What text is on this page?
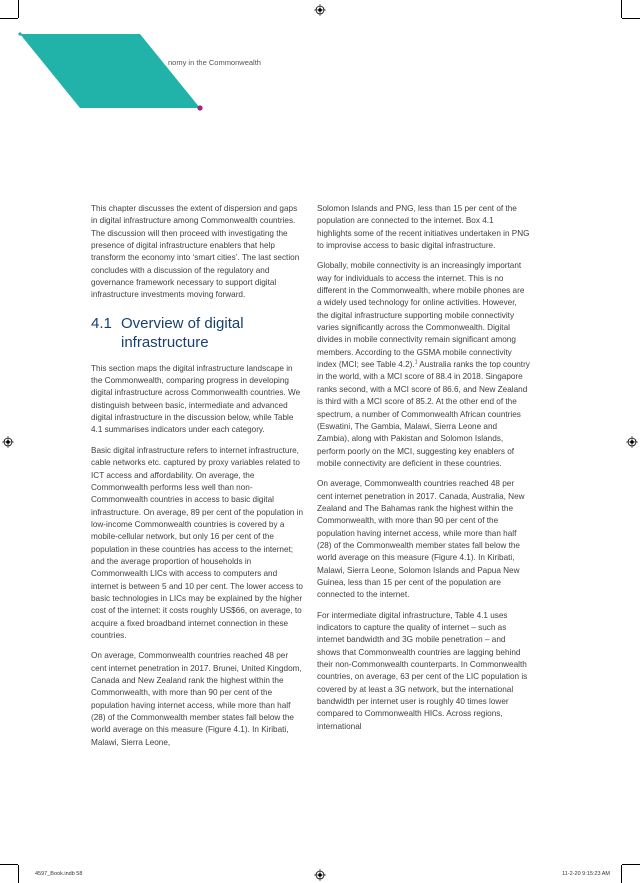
nomy in the Commonwealth

This chapter discusses the extent of dispersion and gaps in digital infrastructure among Commonwealth countries. The discussion will then proceed with investigating the presence of digital infrastructure enablers that help transform the economy into ‘smart cities’. The last section concludes with a discussion of the regulatory and governance framework necessary to support digital infrastructure investments moving forward.

4.1 Overview of digital infrastructure

This section maps the digital infrastructure landscape in the Commonwealth, comparing progress in developing digital infrastructure across Commonwealth countries. We distinguish between basic, intermediate and advanced digital infrastructure in the discussion below, while Table 4.1 summarises indicators under each category.

Basic digital infrastructure refers to internet infrastructure, cable networks etc. captured by proxy variables related to ICT access and affordability. On average, the Commonwealth performs less well than non-Commonwealth countries in access to basic digital infrastructure. On average, 89 per cent of the population in low-income Commonwealth countries is covered by a mobile-cellular network, but only 16 per cent of the population in these countries has access to the internet; and the average proportion of households in Commonwealth LICs with access to computers and internet is between 5 and 10 per cent. The lower access to basic technologies in LICs may be explained by the higher cost of the internet: it costs roughly US$66, on average, to acquire a fixed broadband internet connection in these countries.

On average, Commonwealth countries reached 48 per cent internet penetration in 2017. Brunei, United Kingdom, Canada and New Zealand rank the highest within the Commonwealth, with more than 90 per cent of the population having internet access, while more than half (28) of the Commonwealth member states fall below the world average on this measure (Figure 4.1). In Kiribati, Malawi, Sierra Leone,

Solomon Islands and PNG, less than 15 per cent of the population are connected to the internet. Box 4.1 highlights some of the recent initiatives undertaken in PNG to improvise access to basic digital infrastructure.

Globally, mobile connectivity is an increasingly important way for individuals to access the internet. This is no different in the Commonwealth, where mobile phones are a widely used technology for online activities. However, the digital infrastructure supporting mobile connectivity varies significantly across the Commonwealth. Digital divides in mobile connectivity remain significant among members. According to the GSMA mobile connectivity index (MCI; see Table 4.2).$^1$ Australia ranks the top country in the world, with a MCI score of 88.4 in 2018. Singapore ranks second, with a MCI score of 86.6, and New Zealand is third with a MCI score of 85.2. At the other end of the spectrum, a number of Commonwealth African countries (Eswatini, The Gambia, Malawi, Sierra Leone and Zambia), along with Pakistan and Solomon Islands, perform poorly on the MCI, suggesting key enablers of mobile connectivity are deficient in these countries.

On average, Commonwealth countries reached 48 per cent internet penetration in 2017. Canada, Australia, New Zealand and The Bahamas rank the highest within the Commonwealth, with more than 90 per cent of the population having internet access, while more than half (28) of the Commonwealth member states fall below the world average on this measure (Figure 4.1). In Kiribati, Malawi, Sierra Leone, Solomon Islands and Papua New Guinea, less than 15 per cent of the population are connected to the internet.

For intermediate digital infrastructure, Table 4.1 uses indicators to capture the quality of internet – such as internet bandwidth and 3G mobile penetration – and shows that Commonwealth countries are lagging behind their non-Commonwealth counterparts. In Commonwealth countries, on average, 63 per cent of the LIC population is covered by at least a 3G network, but the international bandwidth per internet user is roughly 40 times lower compared to Commonwealth HICs. Across regions, international

4597_Book.indb 58	11-2-20 9:15:23 AM
